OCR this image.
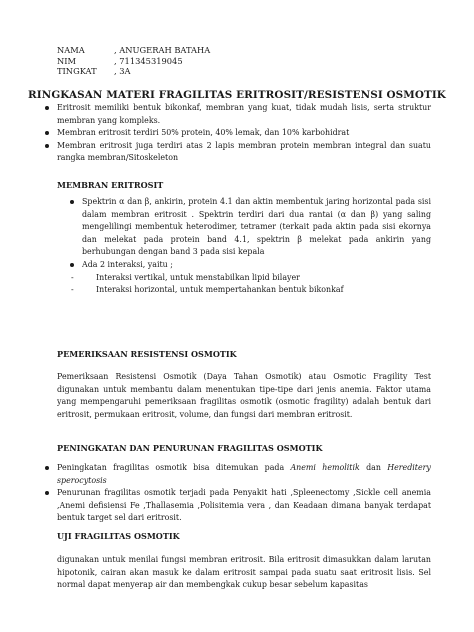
NAMA	, ANUGERAH BATAHA
NIM	, 711345319045
TINGKAT	, 3A
RINGKASAN MATERI FRAGILITAS ERITROSIT/RESISTENSI OSMOTIK
Eritrosit memiliki bentuk bikonkaf, membran yang kuat, tidak mudah lisis, serta struktur membran yang kompleks.
Membran eritrosit terdiri 50% protein, 40% lemak, dan 10% karbohidrat
Membran eritrosit juga terdiri atas 2 lapis membran protein membran integral dan suatu rangka membran/Sitoskeleton
MEMBRAN ERITROSIT
Spektrin α dan β, ankirin, protein 4.1 dan aktin membentuk jaring horizontal pada sisi dalam membran eritrosit . Spektrin terdiri dari dua rantai (α dan β) yang saling mengelilingi membentuk heterodimer, tetramer (terkait pada aktin pada sisi ekornya dan melekat pada protein band 4.1, spektrin β melekat pada ankirin yang berhubungan dengan band 3 pada sisi kepala
Ada 2 interaksi, yaitu ;
- Interaksi vertikal, untuk menstabilkan lipid bilayer
- Interaksi horizontal, untuk mempertahankan bentuk bikonkaf
PEMERIKSAAN RESISTENSI OSMOTIK
Pemeriksaan Resistensi Osmotik (Daya Tahan Osmotik) atau Osmotic Fragility Test digunakan untuk membantu dalam menentukan tipe-tipe dari jenis anemia. Faktor utama yang mempengaruhi pemeriksaan fragilitas osmotik (osmotic fragility) adalah bentuk dari eritrosit, permukaan eritrosit, volume, dan fungsi dari membran eritrosit.
PENINGKATAN DAN PENURUNAN FRAGILITAS OSMOTIK
Peningkatan fragilitas osmotik bisa ditemukan pada Anemi hemolitik dan Herediterу sperocytosis
Penurunan fragilitas osmotik terjadi pada Penyakit hati ,Spleenectomy ,Sickle cell anemia ,Anemi defisiensi Fe ,Thallasemia ,Polisitemia vera , dan Keadaan dimana banyak terdapat bentuk target sel dari eritrosit.
UJI FRAGILITAS OSMOTIK
digunakan untuk menilai fungsi membran eritrosit. Bila eritrosit dimasukkan dalam larutan hipotonik, cairan akan masuk ke dalam eritrosit sampai pada suatu saat eritrosit lisis. Sel normal dapat menyerap air dan membengkak cukup besar sebelum kapasitas
